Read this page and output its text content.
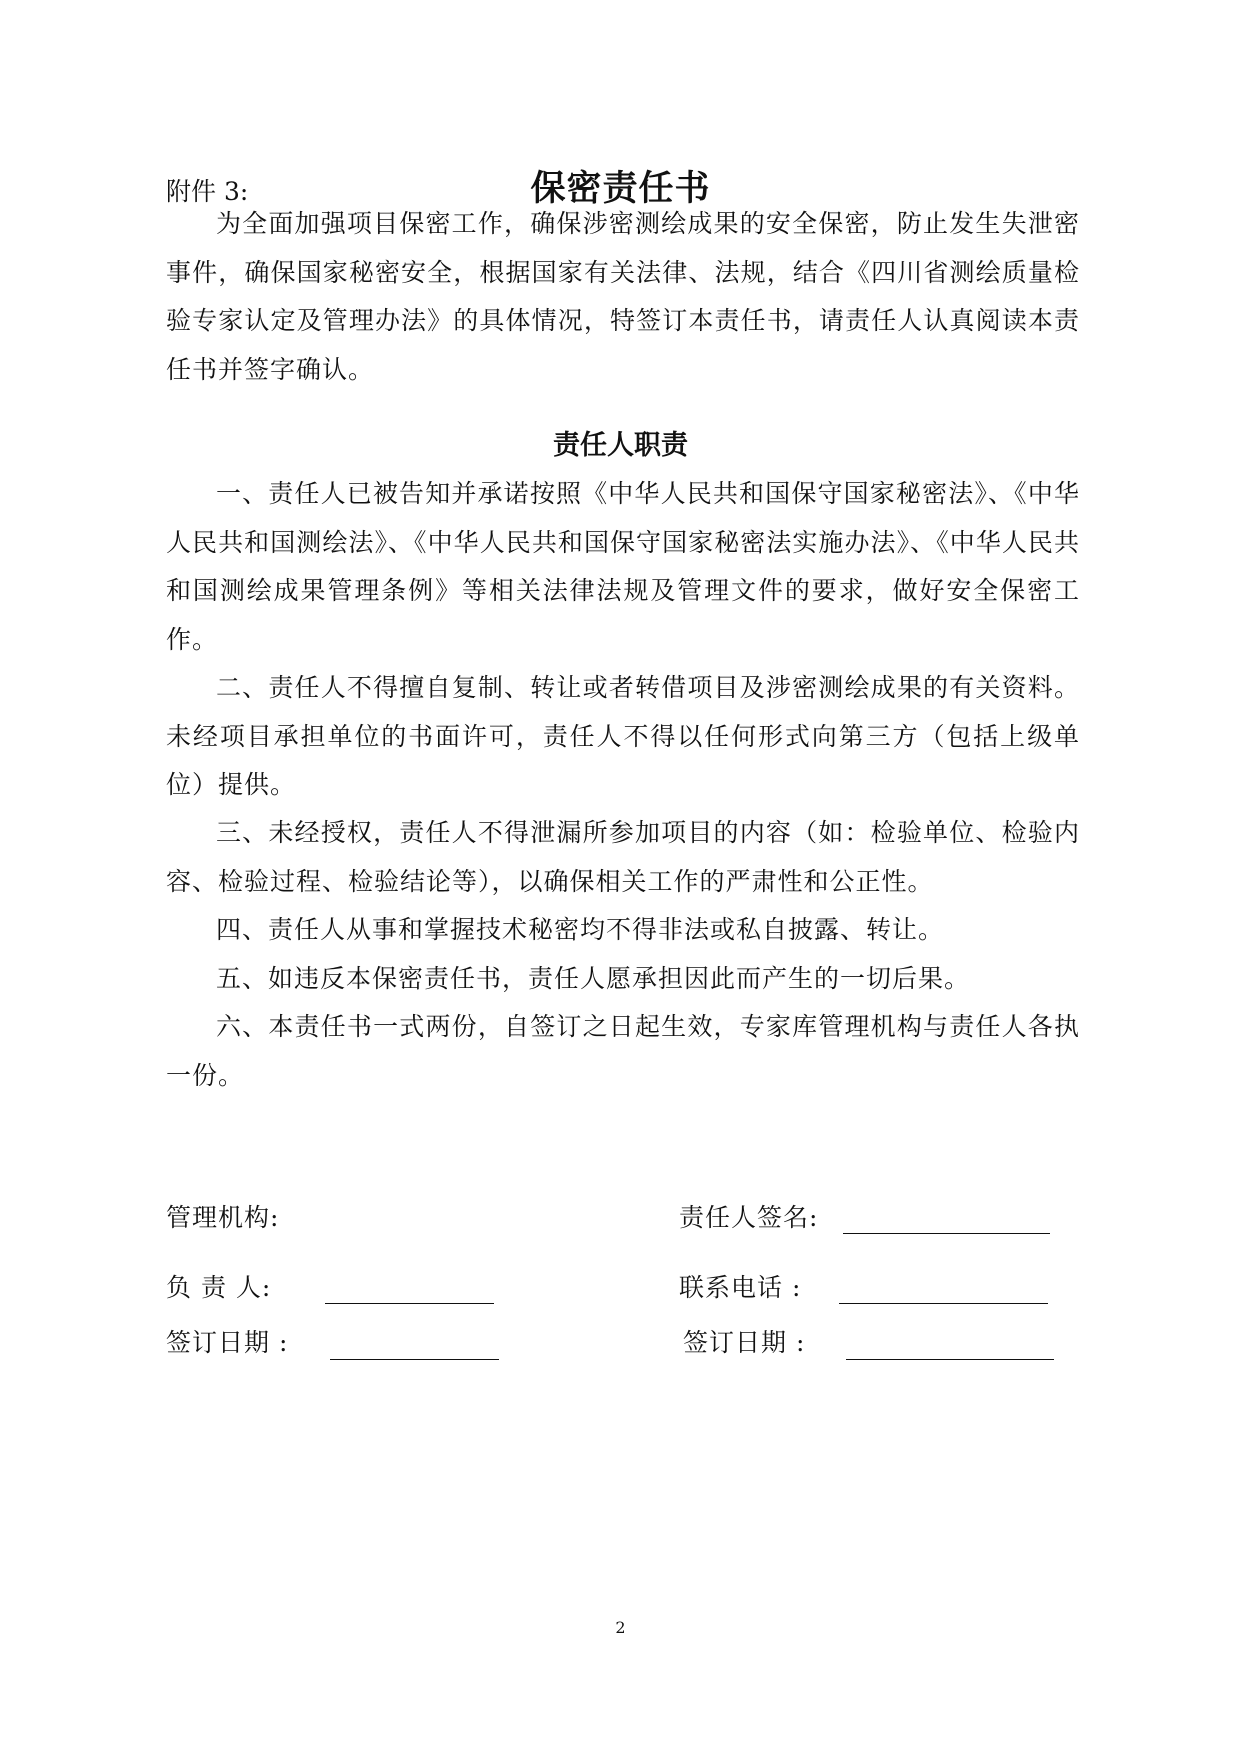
附件 3:	保密责任书

为全面加强项目保密工作，确保涉密测绘成果的安全保密，防止发生失泄密事件，确保国家秘密安全，根据国家有关法律、法规，结合《四川省测绘质量检验专家认定及管理办法》的具体情况，特签订本责任书，请责任人认真阅读本责任书并签字确认。

责任人职责

一、责任人已被告知并承诺按照《中华人民共和国保守国家秘密法》、《中华人民共和国测绘法》、《中华人民共和国保守国家秘密法实施办法》、《中华人民共和国测绘成果管理条例》等相关法律法规及管理文件的要求，做好安全保密工作。

二、责任人不得擅自复制、转让或者转借项目及涉密测绘成果的有关资料。未经项目承担单位的书面许可，责任人不得以任何形式向第三方（包括上级单位）提供。

三、未经授权，责任人不得泄漏所参加项目的内容（如：检验单位、检验内容、检验过程、检验结论等），以确保相关工作的严肃性和公正性。

四、责任人从事和掌握技术秘密均不得非法或私自披露、转让。

五、如违反本保密责任书，责任人愿承担因此而产生的一切后果。

六、本责任书一式两份，自签订之日起生效，专家库管理机构与责任人各执一份。

管理机构:
负 责 人:
签订日期 :
责任人签名:
联系电话 :
签订日期 :
2
